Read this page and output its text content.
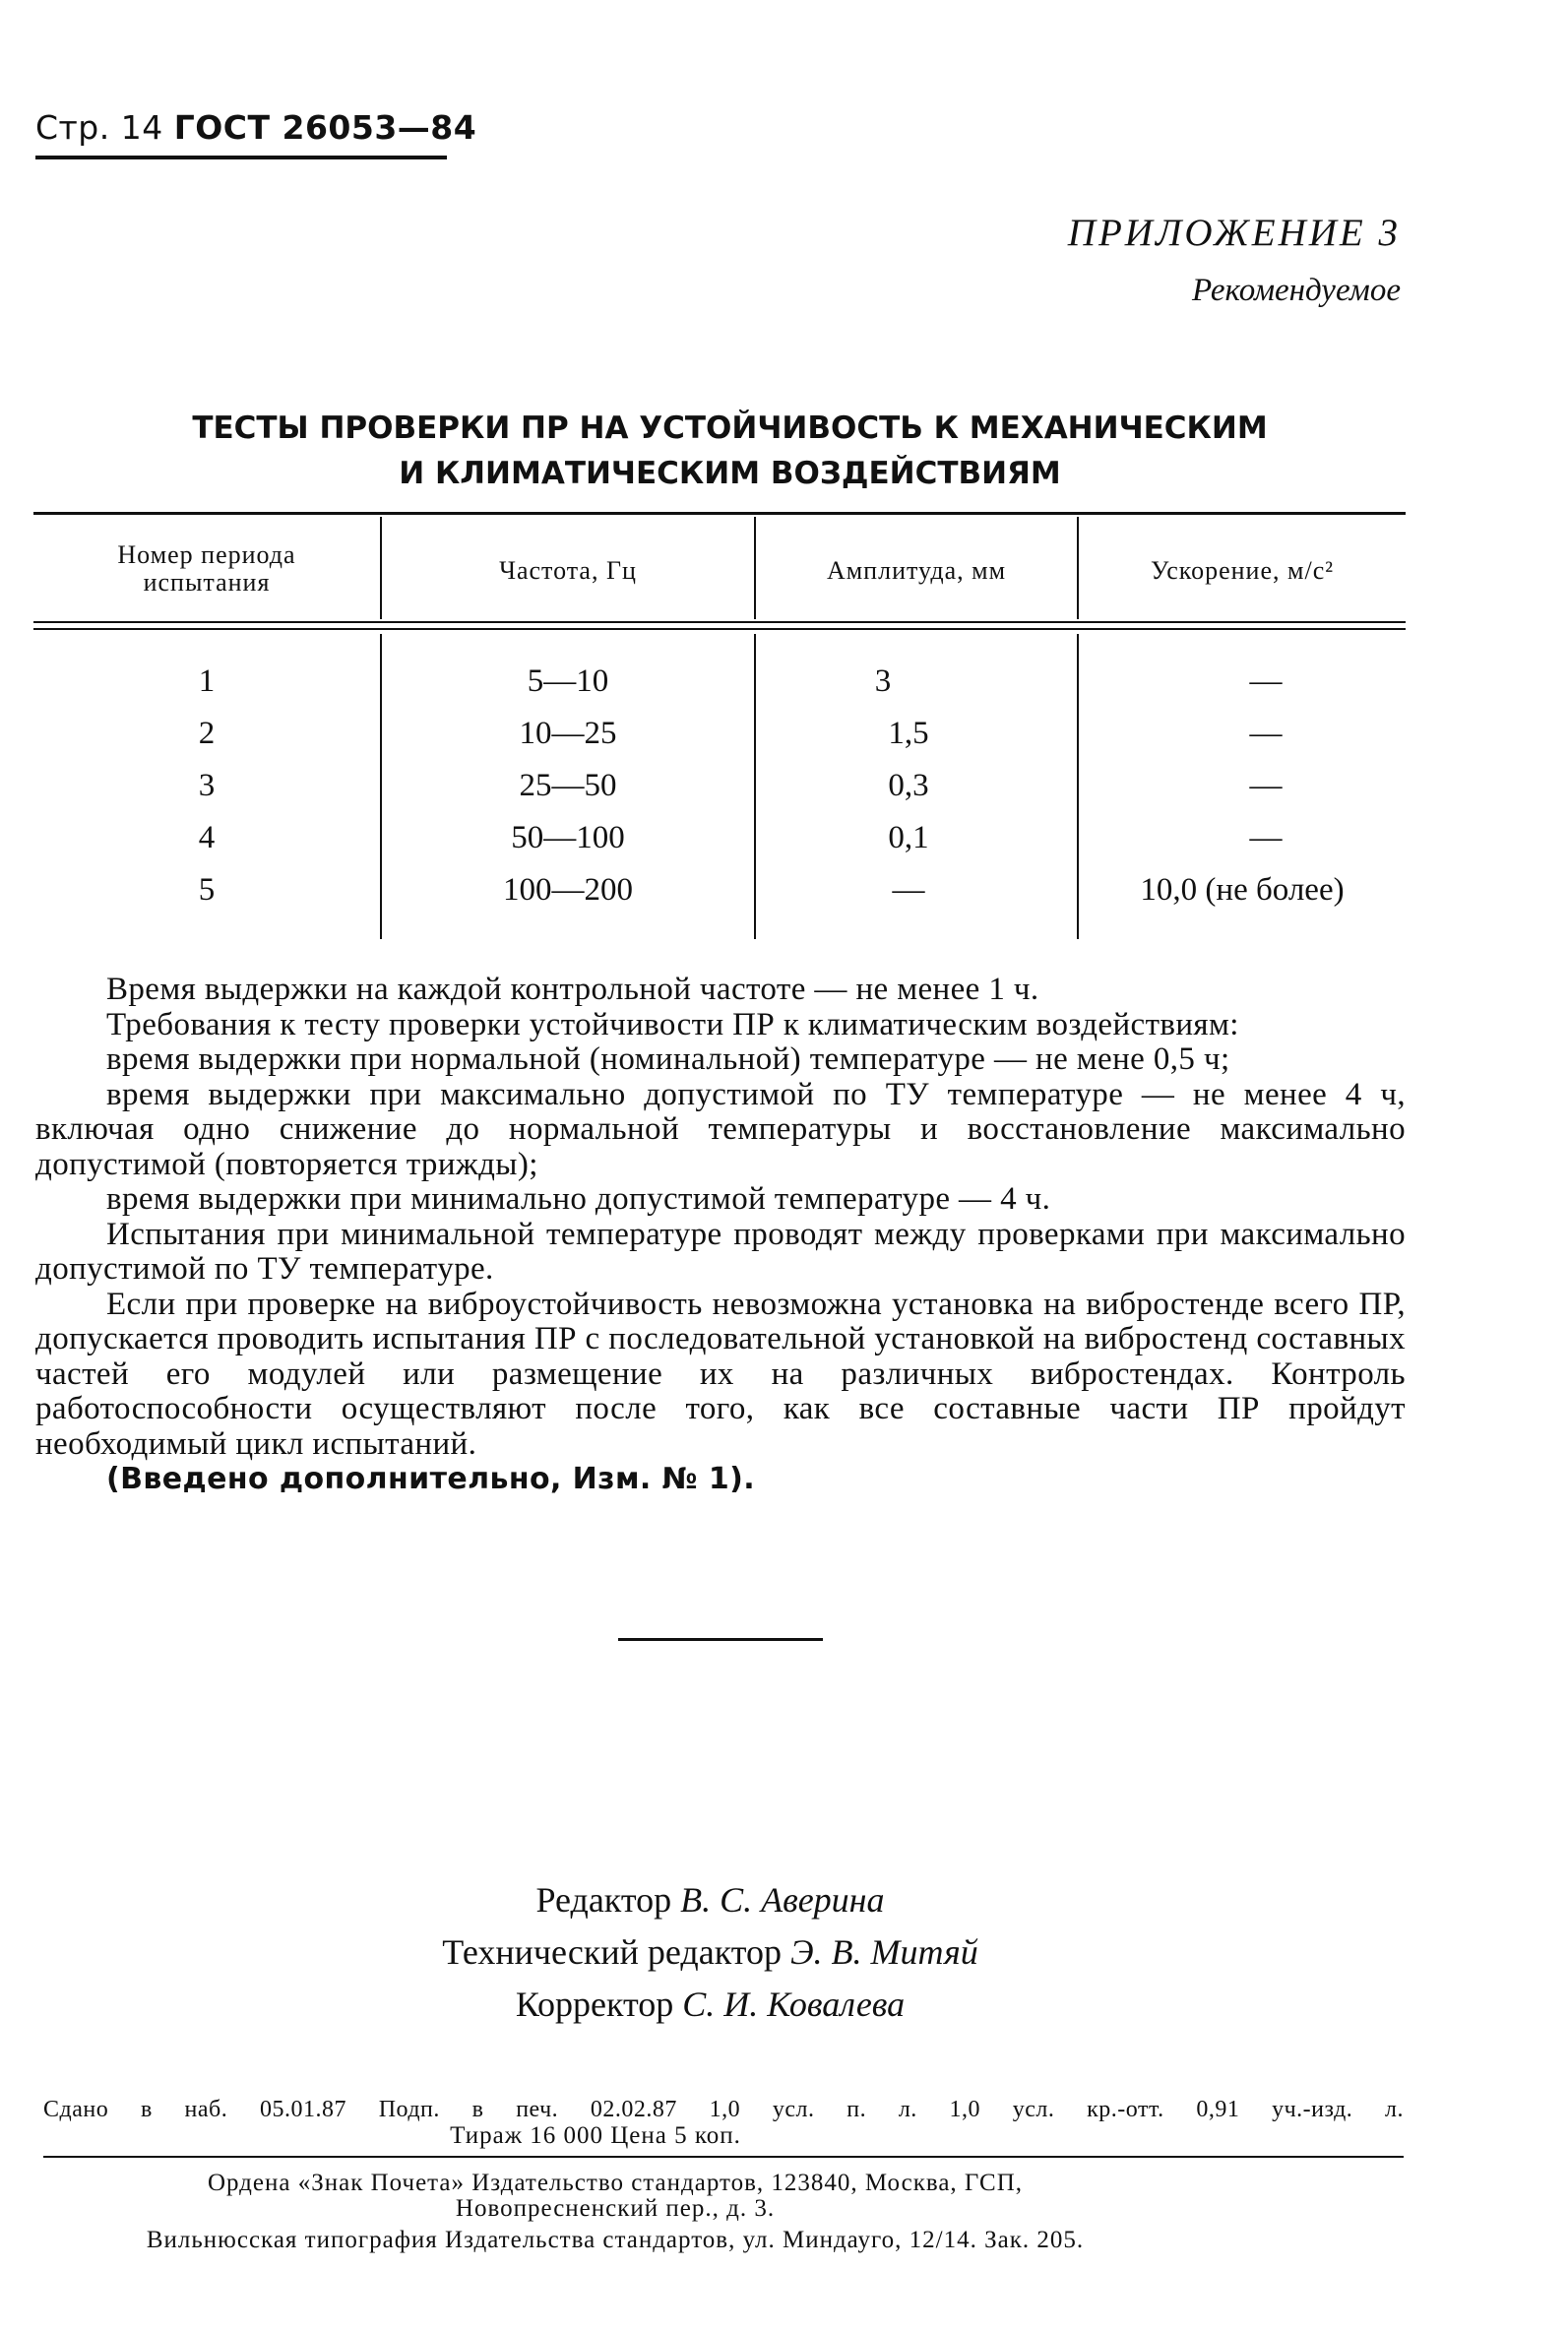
Стр. 14 ГОСТ 26053—84
ПРИЛОЖЕНИЕ 3
Рекомендуемое
ТЕСТЫ ПРОВЕРКИ ПР НА УСТОЙЧИВОСТЬ К МЕХАНИЧЕСКИМ
И КЛИМАТИЧЕСКИМ ВОЗДЕЙСТВИЯМ
Номер периода
испытания	Частота, Гц	Амплитуда, мм	Ускорение, м/с²
1	5—10	3	—
2	10—25	1,5	—
3	25—50	0,3	—
4	50—100	0,1	—
5	100—200	—	10,0 (не более)

Время выдержки на каждой контрольной частоте — не менее 1 ч.

Требования к тесту проверки устойчивости ПР к климатическим воздействиям:

время выдержки при нормальной (номинальной) температуре — не мене 0,5 ч;

время выдержки при максимально допустимой по ТУ температуре — не менее 4 ч, включая одно снижение до нормальной температуры и восстановление максимально допустимой (повторяется трижды);

время выдержки при минимально допустимой температуре — 4 ч.

Испытания при минимальной температуре проводят между проверками при максимально допустимой по ТУ температуре.

Если при проверке на виброустойчивость невозможна установка на вибростенде всего ПР, допускается проводить испытания ПР с последовательной установкой на вибростенд составных частей его модулей или размещение их на различных вибростендах. Контроль работоспособности осуществляют после того, как все составные части ПР пройдут необходимый цикл испытаний.

(Введено дополнительно, Изм. № 1).

Редактор В. С. Аверина
Технический редактор Э. В. Митяй
Корректор С. И. Ковалева
Сдано в наб. 05.01.87 Подп. в печ. 02.02.87 1,0 усл. п. л. 1,0 усл. кр.-отт. 0,91 уч.-изд. л.
Тираж 16 000 Цена 5 коп.
Ордена «Знак Почета» Издательство стандартов, 123840, Москва, ГСП,
Новопресненский пер., д. 3.
Вильнюсская типография Издательства стандартов, ул. Миндауго, 12/14. Зак. 205.
